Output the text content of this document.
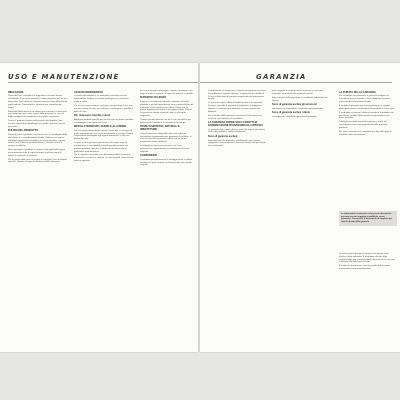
USO E MANUTENZIONE
INDICAZIONI

Prima dell'uso, controllare le aggiuntive istruzioni fornite nell'imballo. Il presente prodotto è stato progettato per un uso domestico. Non utilizzare l'apparecchio per scopi differenti da quelli indicati. Conservare le istruzioni per consultazioni future.

Eventuali difetti dovuti a un utilizzo non corretto o a interventi non autorizzati non sono coperti dalla garanzia. In caso di dubbi rivolgersi al rivenditore o al servizio assistenza.

Tenere il prodotto lontano dalla portata dei bambini. Non lasciare materiali di imballaggio incustoditi: possono essere pericolosi.

PULIZIA DEL PRODOTTO

Prima di pulire il prodotto, assicurarsi che sia scollegato dalla rete elettrica e completamente freddo. Utilizzare un panno morbido leggermente inumidito con acqua tiepida e sapone neutro. Non utilizzare prodotti abrasivi, solventi, alcool o spugne metalliche.

Non immergere il prodotto in acqua o altri liquidi. Asciugare accuratamente tutte le superfici dopo la pulizia prima di riporre o riutilizzare il prodotto.

Per la pulizia delle parti in acciaio si consiglia l'uso di prodotti specifici. Seguire sempre la direzione della satinatura.

ACCIAIO INOSSIDABILE

L'acciaio inossidabile è un materiale resistente ma non indistruttibile. Evitare il contatto prolungato con sostanze acide o saline.

Per la sua conservazione: asciugare sempre dopo l'uso, non lasciare residui di cibo, non utilizzare candeggina o prodotti a base di cloro.

Per rimuovere macchie e aloni

Applicare prodotti specifici per acciaio con un panno morbido, risciacquare e asciugare con cura.

METALLI VERNICIATI, FERRO E ALLUMINIO

Per una lunga durata delle superfici verniciate si consiglia di pulire regolarmente con un panno morbido e asciutto. Evitare l'esposizione prolungata agli agenti atmosferici e alla luce diretta del sole.

Le parti in ferro possono presentare col tempo segni di ossidazione: è consigliabile trattarle periodicamente con prodotti protettivi specifici. L'alluminio non necessita di particolare manutenzione.

Per le superfici verniciate non utilizzare prodotti contenenti ammoniaca, acetone o solventi. In caso di graffi, ritoccare con vernice apposita.

In caso di inutilizzo prolungato, riporre il prodotto in un luogo asciutto e coperto, al riparo da polvere e umidità.

SUPERFICI IN LEGNO

Il legno è un materiale naturale: variazioni di colore, venature e piccole imperfezioni sono caratteristiche del materiale e non costituiscono difetti. Pulire con un panno leggermente umido e asciugare subito. Evitare l'esposizione diretta a fonti di calore e all'acqua stagnante.

Trattare periodicamente con oli o cere specifiche per preservarne l'aspetto e la resistenza nel tempo.

TESSUTI SINTETICI, NATURALI E IMBOTTITURE

I tessuti non sono sfoderabili salvo ove indicato. Spazzolare regolarmente per rimuovere la polvere. In caso di macchie intervenire subito con un panno assorbente senza strofinare.

Le imbottiture possono assestarsi con l'uso: sprimacciare regolarmente per mantenere la forma originale.

COMPONENTI

Controllare periodicamente il serraggio di viti e bulloni. Sostituire le parti usurate esclusivamente con ricambi originali.

GARANZIA

Il prodotto da Lei acquistato è coperto da garanzia secondo le condizioni di seguito riportate. La garanzia ha validità di 24 mesi dalla data di acquisto comprovata dal documento fiscale.

La garanzia copre i difetti di fabbricazione e di materiale. Durante il periodo di garanzia il produttore si impegna a riparare o sostituire gratuitamente le parti riconosciute difettose.

Per usufruire della garanzia conservare il documento di acquisto e presentarlo al rivenditore.

LA GARANZIA COPRE SOLO I DIFETTI DI FABBRICAZIONE DI ENTRAMBI GLI ARTICOLI

La garanzia non copre i danni causati da agenti atmosferici, usura del prodotto e dall'uso improprio.

Sono di garanzia esclusi:

danni derivanti da trasporto, installazione non corretta, negligenza, trascuratezza o interventi eseguiti da personale non autorizzato.

parti soggette a normale usura, materiali di consumo, variazioni cromatiche dei materiali naturali.

danni causati dall'esposizione a condizioni ambientali non idonee.

Sono di garanzia esclusi gli accessori

non forniti con il prodotto o acquistati separatamente.

Sono di garanzia esclusi i danni

conseguenti a modifiche apportate al prodotto.

LA DURATA DELLA GARANZIA

Per richiedere un intervento in garanzia rivolgersi al rivenditore presso il quale è stato effettuato l'acquisto presentando il documento fiscale.

Il periodo di garanzia non viene prolungato a seguito della riparazione o sostituzione del prodotto o di sue parti.

Il produttore si riserva il diritto di sostituire il prodotto con uno di pari caratteristiche qualora la riparazione non fosse possibile.

I diritti previsti dalla normativa vigente a tutela del consumatore non sono pregiudicati dalla presente garanzia.

Per ogni controversia è competente il foro del luogo di residenza del consumatore.

Le informazioni contenute nel presente documento possono essere soggette a modifiche senza preavviso. Conservare il documento di acquisto per tutta la durata della garanzia.

Le informazioni riportate in questo documento sono fornite a titolo indicativo. Il produttore declina ogni responsabilità per eventuali danni derivanti da un uso non conforme alle indicazioni fornite.

È vietata la riproduzione anche parziale del presente documento senza autorizzazione.
